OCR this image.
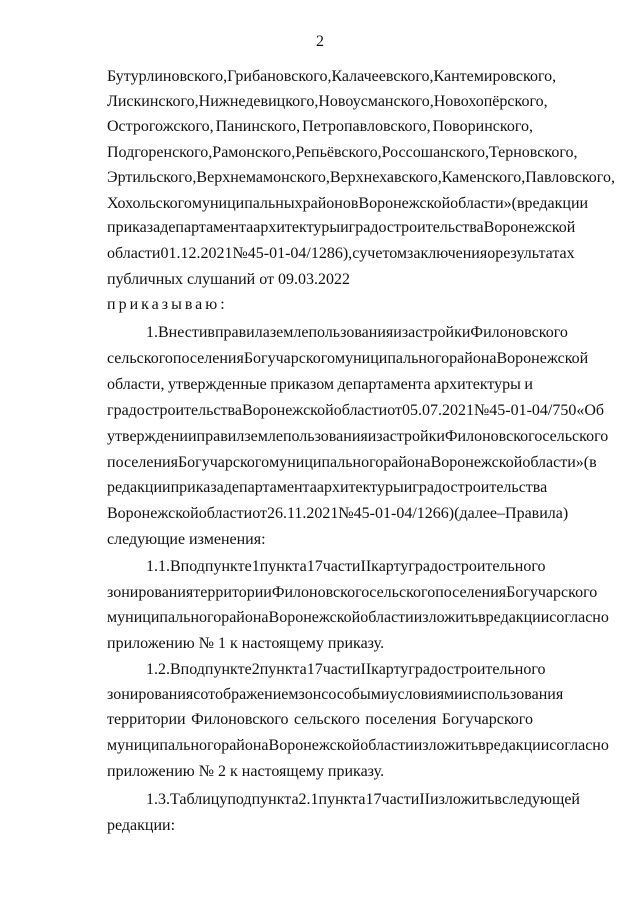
2
Бутурлиновского, Грибановского, Калачеевского, Кантемировского,
Лискинского, Нижнедевицкого, Новоусманского, Новохопёрского,
Острогожского, Панинского, Петропавловского, Поворинского,
Подгоренского, Рамонского, Репьёвского, Россошанского, Терновского,
Эртильского, Верхнемамонского, Верхнехавского, Каменского, Павловского,
Хохольского муниципальных районов Воронежской области» (в редакции
приказа департамента архитектуры и градостроительства Воронежской
области 01.12.2021 № 45-01-04/1286), с учетом заключения о результатах
публичных слушаний от 09.03.2022
приказываю:
1. Внести в правила землепользования и застройки Филоновского
сельского поселения Богучарского муниципального района Воронежской
области, утвержденные приказом департамента архитектуры и
градостроительства Воронежской области от 05.07.2021 № 45-01-04/750 «Об
утверждении правил землепользования и застройки Филоновского сельского
поселения Богучарского муниципального района Воронежской области» (в
редакции приказа департамента архитектуры и градостроительства
Воронежской области от 26.11.2021 № 45-01-04/1266) (далее – Правила)
следующие изменения:
1.1. В подпункте 1 пункта 17 части II карту градостроительного
зонирования территории Филоновского сельского поселения Богучарского
муниципального района Воронежской области изложить в редакции согласно
приложению № 1 к настоящему приказу.
1.2. В подпункте 2 пункта 17 части II карту градостроительного
зонирования с отображением зон с особыми условиями использования
территории Филоновского сельского поселения Богучарского
муниципального района Воронежской области изложить в редакции согласно
приложению № 2 к настоящему приказу.
1.3. Таблицу подпункта 2.1 пункта 17 части II изложить в следующей
редакции:
